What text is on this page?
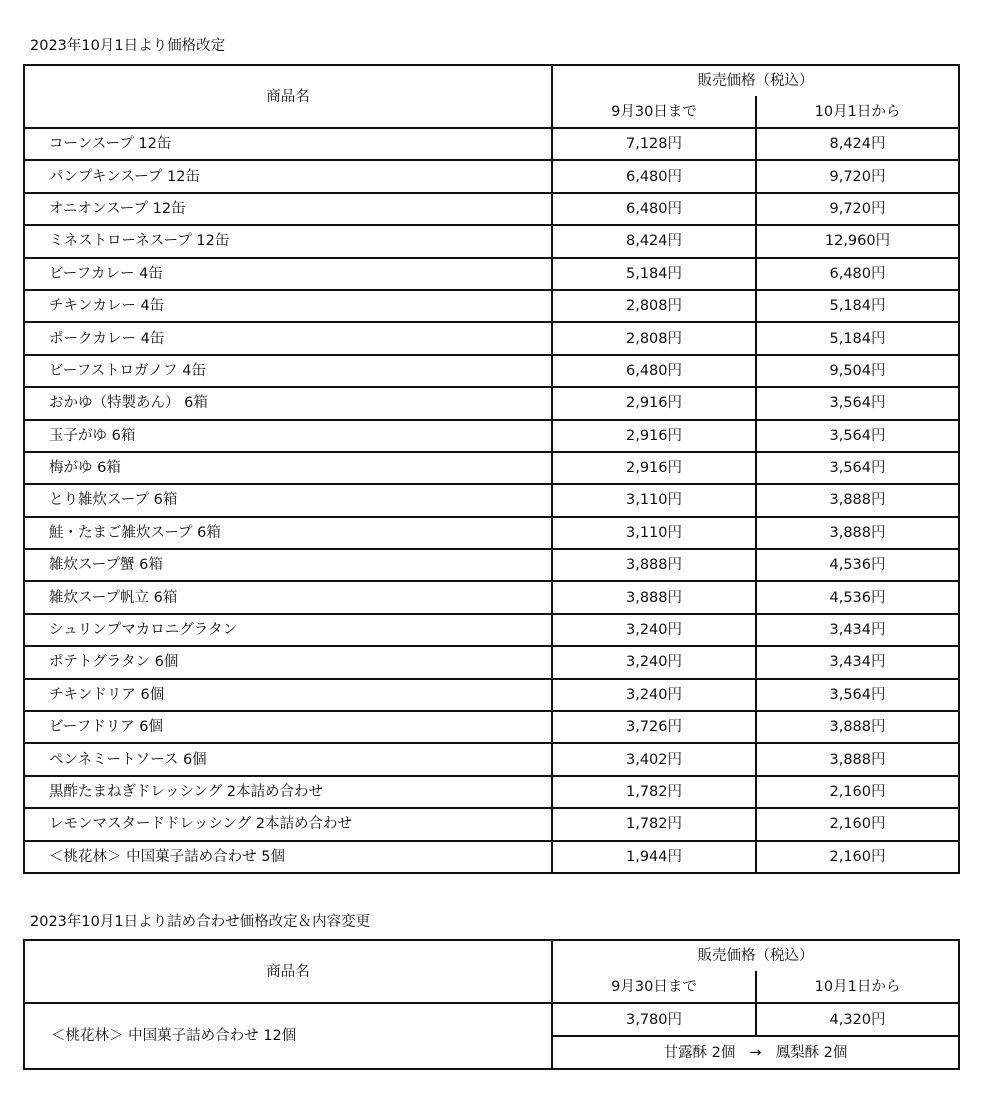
2023年10月1日より価格改定
商品名	販売価格（税込）	
	9月30日まで	10月1日から
コーンスープ 12缶	7,128円	8,424円
パンプキンスープ 12缶	6,480円	9,720円
オニオンスープ 12缶	6,480円	9,720円
ミネストローネスープ 12缶	8,424円	12,960円
ビーフカレー 4缶	5,184円	6,480円
チキンカレー 4缶	2,808円	5,184円
ポークカレー 4缶	2,808円	5,184円
ビーフストロガノフ 4缶	6,480円	9,504円
おかゆ（特製あん） 6箱	2,916円	3,564円
玉子がゆ 6箱	2,916円	3,564円
梅がゆ 6箱	2,916円	3,564円
とり雑炊スープ 6箱	3,110円	3,888円
鮭・たまご雑炊スープ 6箱	3,110円	3,888円
雑炊スープ蟹 6箱	3,888円	4,536円
雑炊スープ帆立 6箱	3,888円	4,536円
シュリンプマカロニグラタン	3,240円	3,434円
ポテトグラタン 6個	3,240円	3,434円
チキンドリア 6個	3,240円	3,564円
ビーフドリア 6個	3,726円	3,888円
ペンネミートソース 6個	3,402円	3,888円
黒酢たまねぎドレッシング 2本詰め合わせ	1,782円	2,160円
レモンマスタードドレッシング 2本詰め合わせ	1,782円	2,160円
＜桃花林＞ 中国菓子詰め合わせ 5個	1,944円	2,160円
2023年10月1日より詰め合わせ価格改定＆内容変更
商品名	販売価格（税込）	
	9月30日まで	10月1日から
＜桃花林＞ 中国菓子詰め合わせ 12個	3,780円	4,320円
	甘露酥 2個 → 鳳梨酥 2個	
